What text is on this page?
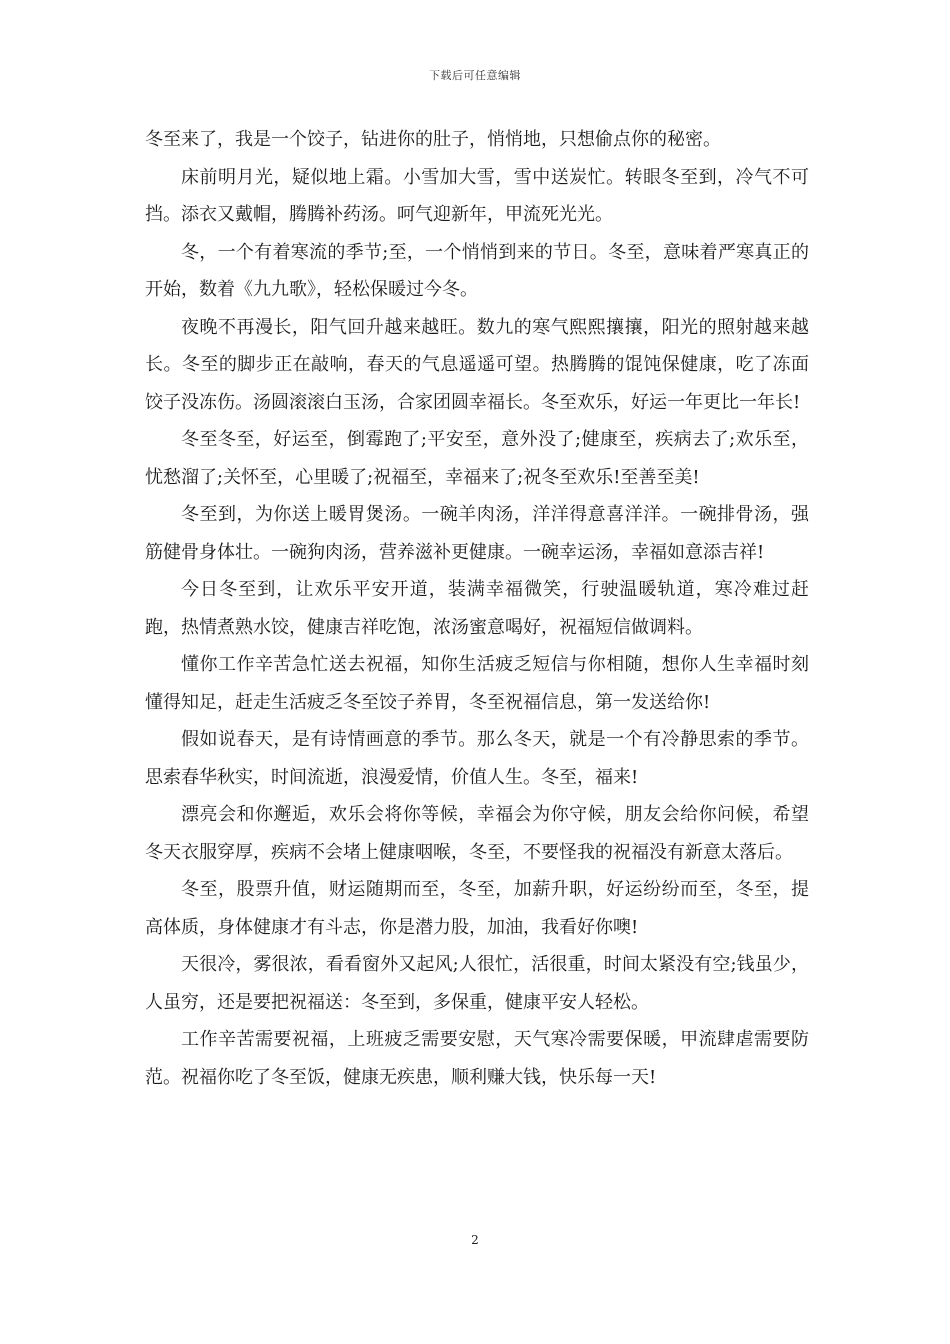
下载后可任意编辑

冬至来了，我是一个饺子，钻进你的肚子，悄悄地，只想偷点你的秘密。

床前明月光，疑似地上霜。小雪加大雪，雪中送炭忙。转眼冬至到，冷气不可挡。添衣又戴帽，腾腾补药汤。呵气迎新年，甲流死光光。

冬，一个有着寒流的季节;至，一个悄悄到来的节日。冬至，意味着严寒真正的开始，数着《九九歌》，轻松保暖过今冬。

夜晚不再漫长，阳气回升越来越旺。数九的寒气熙熙攘攘，阳光的照射越来越长。冬至的脚步正在敲响，春天的气息遥遥可望。热腾腾的馄饨保健康，吃了冻面饺子没冻伤。汤圆滚滚白玉汤，合家团圆幸福长。冬至欢乐，好运一年更比一年长!

冬至冬至，好运至，倒霉跑了;平安至，意外没了;健康至，疾病去了;欢乐至，忧愁溜了;关怀至，心里暖了;祝福至，幸福来了;祝冬至欢乐!至善至美!

冬至到，为你送上暖胃煲汤。一碗羊肉汤，洋洋得意喜洋洋。一碗排骨汤，强筋健骨身体壮。一碗狗肉汤，营养滋补更健康。一碗幸运汤，幸福如意添吉祥!

今日冬至到，让欢乐平安开道，装满幸福微笑，行驶温暖轨道，寒冷难过赶跑，热情煮熟水饺，健康吉祥吃饱，浓汤蜜意喝好，祝福短信做调料。

懂你工作辛苦急忙送去祝福，知你生活疲乏短信与你相随，想你人生幸福时刻懂得知足，赶走生活疲乏冬至饺子养胃，冬至祝福信息，第一发送给你!

假如说春天，是有诗情画意的季节。那么冬天，就是一个有冷静思索的季节。思索春华秋实，时间流逝，浪漫爱情，价值人生。冬至，福来!

漂亮会和你邂逅，欢乐会将你等候，幸福会为你守候，朋友会给你问候，希望冬天衣服穿厚，疾病不会堵上健康咽喉，冬至，不要怪我的祝福没有新意太落后。

冬至，股票升值，财运随期而至，冬至，加薪升职，好运纷纷而至，冬至，提高体质，身体健康才有斗志，你是潜力股，加油，我看好你噢!

天很冷，雾很浓，看看窗外又起风;人很忙，活很重，时间太紧没有空;钱虽少，人虽穷，还是要把祝福送：冬至到，多保重，健康平安人轻松。

工作辛苦需要祝福，上班疲乏需要安慰，天气寒冷需要保暖，甲流肆虐需要防范。祝福你吃了冬至饭，健康无疾患，顺利赚大钱，快乐每一天!

2
